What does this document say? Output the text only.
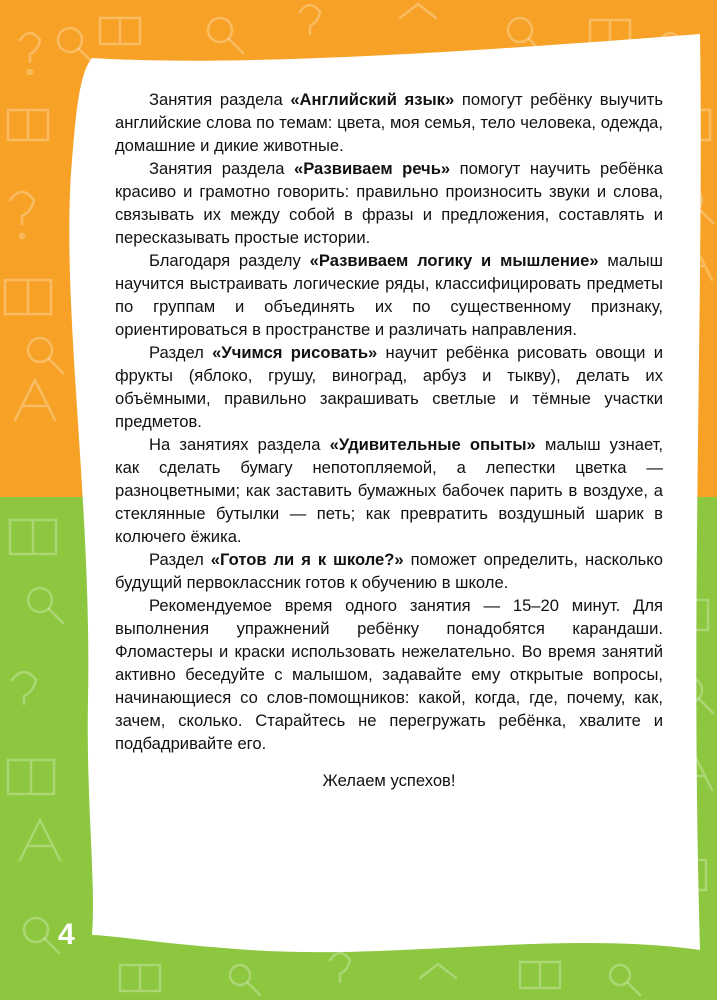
Занятия раздела «Английский язык» помогут ребёнку выучить английские слова по темам: цвета, моя семья, тело человека, одежда, домашние и дикие животные.

Занятия раздела «Развиваем речь» помогут научить ребёнка красиво и грамотно говорить: правильно произносить звуки и слова, связывать их между собой в фразы и предложения, составлять и пересказывать простые истории.

Благодаря разделу «Развиваем логику и мышление» малыш научится выстраивать логические ряды, классифицировать предметы по группам и объединять их по существенному признаку, ориентироваться в пространстве и различать направления.

Раздел «Учимся рисовать» научит ребёнка рисовать овощи и фрукты (яблоко, грушу, виноград, арбуз и тыкву), делать их объёмными, правильно закрашивать светлые и тёмные участки предметов.

На занятиях раздела «Удивительные опыты» малыш узнает, как сделать бумагу непотопляемой, а лепестки цветка — разноцветными; как заставить бумажных бабочек парить в воздухе, а стеклянные бутылки — петь; как превратить воздушный шарик в колючего ёжика.

Раздел «Готов ли я к школе?» поможет определить, насколько будущий первоклассник готов к обучению в школе.

Рекомендуемое время одного занятия — 15–20 минут. Для выполнения упражнений ребёнку понадобятся карандаши. Фломастеры и краски использовать нежелательно. Во время занятий активно беседуйте с малышом, задавайте ему открытые вопросы, начинающиеся со слов-помощников: какой, когда, где, почему, как, зачем, сколько. Старайтесь не перегружать ребёнка, хвалите и подбадривайте его.

Желаем успехов!

4
